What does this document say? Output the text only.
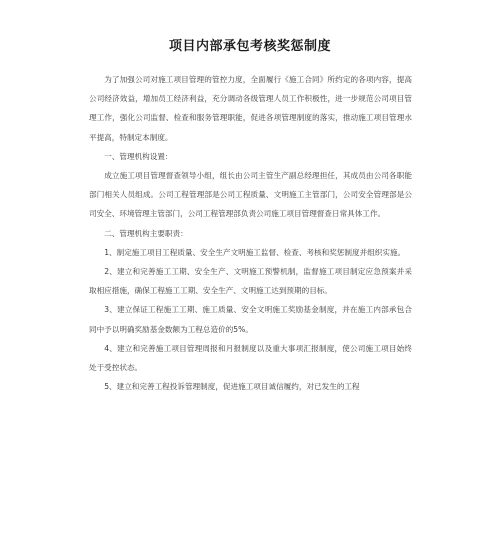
项目内部承包考核奖惩制度

为了加强公司对施工项目管理的管控力度，全面履行《施工合同》所约定的各项内容，提高公司经济效益，增加员工经济利益，充分调动各级管理人员工作积极性，进一步规范公司项目管理工作，强化公司监督、检查和服务管理职能，促进各项管理制度的落实，推动施工项目管理水平提高，特制定本制度。

一、管理机构设置：

成立施工项目管理督查领导小组，组长由公司主管生产副总经理担任，其成员由公司各职能部门相关人员组成。公司工程管理部是公司工程质量、文明施工主管部门，公司安全管理部是公司安全、环境管理主管部门，公司工程管理部负责公司施工项目管理督查日常具体工作。

二、管理机构主要职责：

1、制定施工项目工程质量、安全生产文明施工监督、检查、考核和奖惩制度并组织实施。

2、建立和完善施工工期、安全生产、文明施工预警机制，监督施工项目制定应急预案并采取相应措施，确保工程施工工期、安全生产、文明施工达到预期的目标。

3、建立保证工程施工工期、施工质量、安全文明施工奖励基金制度，并在施工内部承包合同中予以明确奖励基金数额为工程总造价的5%。

4、建立和完善施工项目管理周报和月报制度以及重大事项汇报制度，使公司施工项目始终处于受控状态。

5、建立和完善工程投诉管理制度，促进施工项目诚信履约，对已发生的工程
